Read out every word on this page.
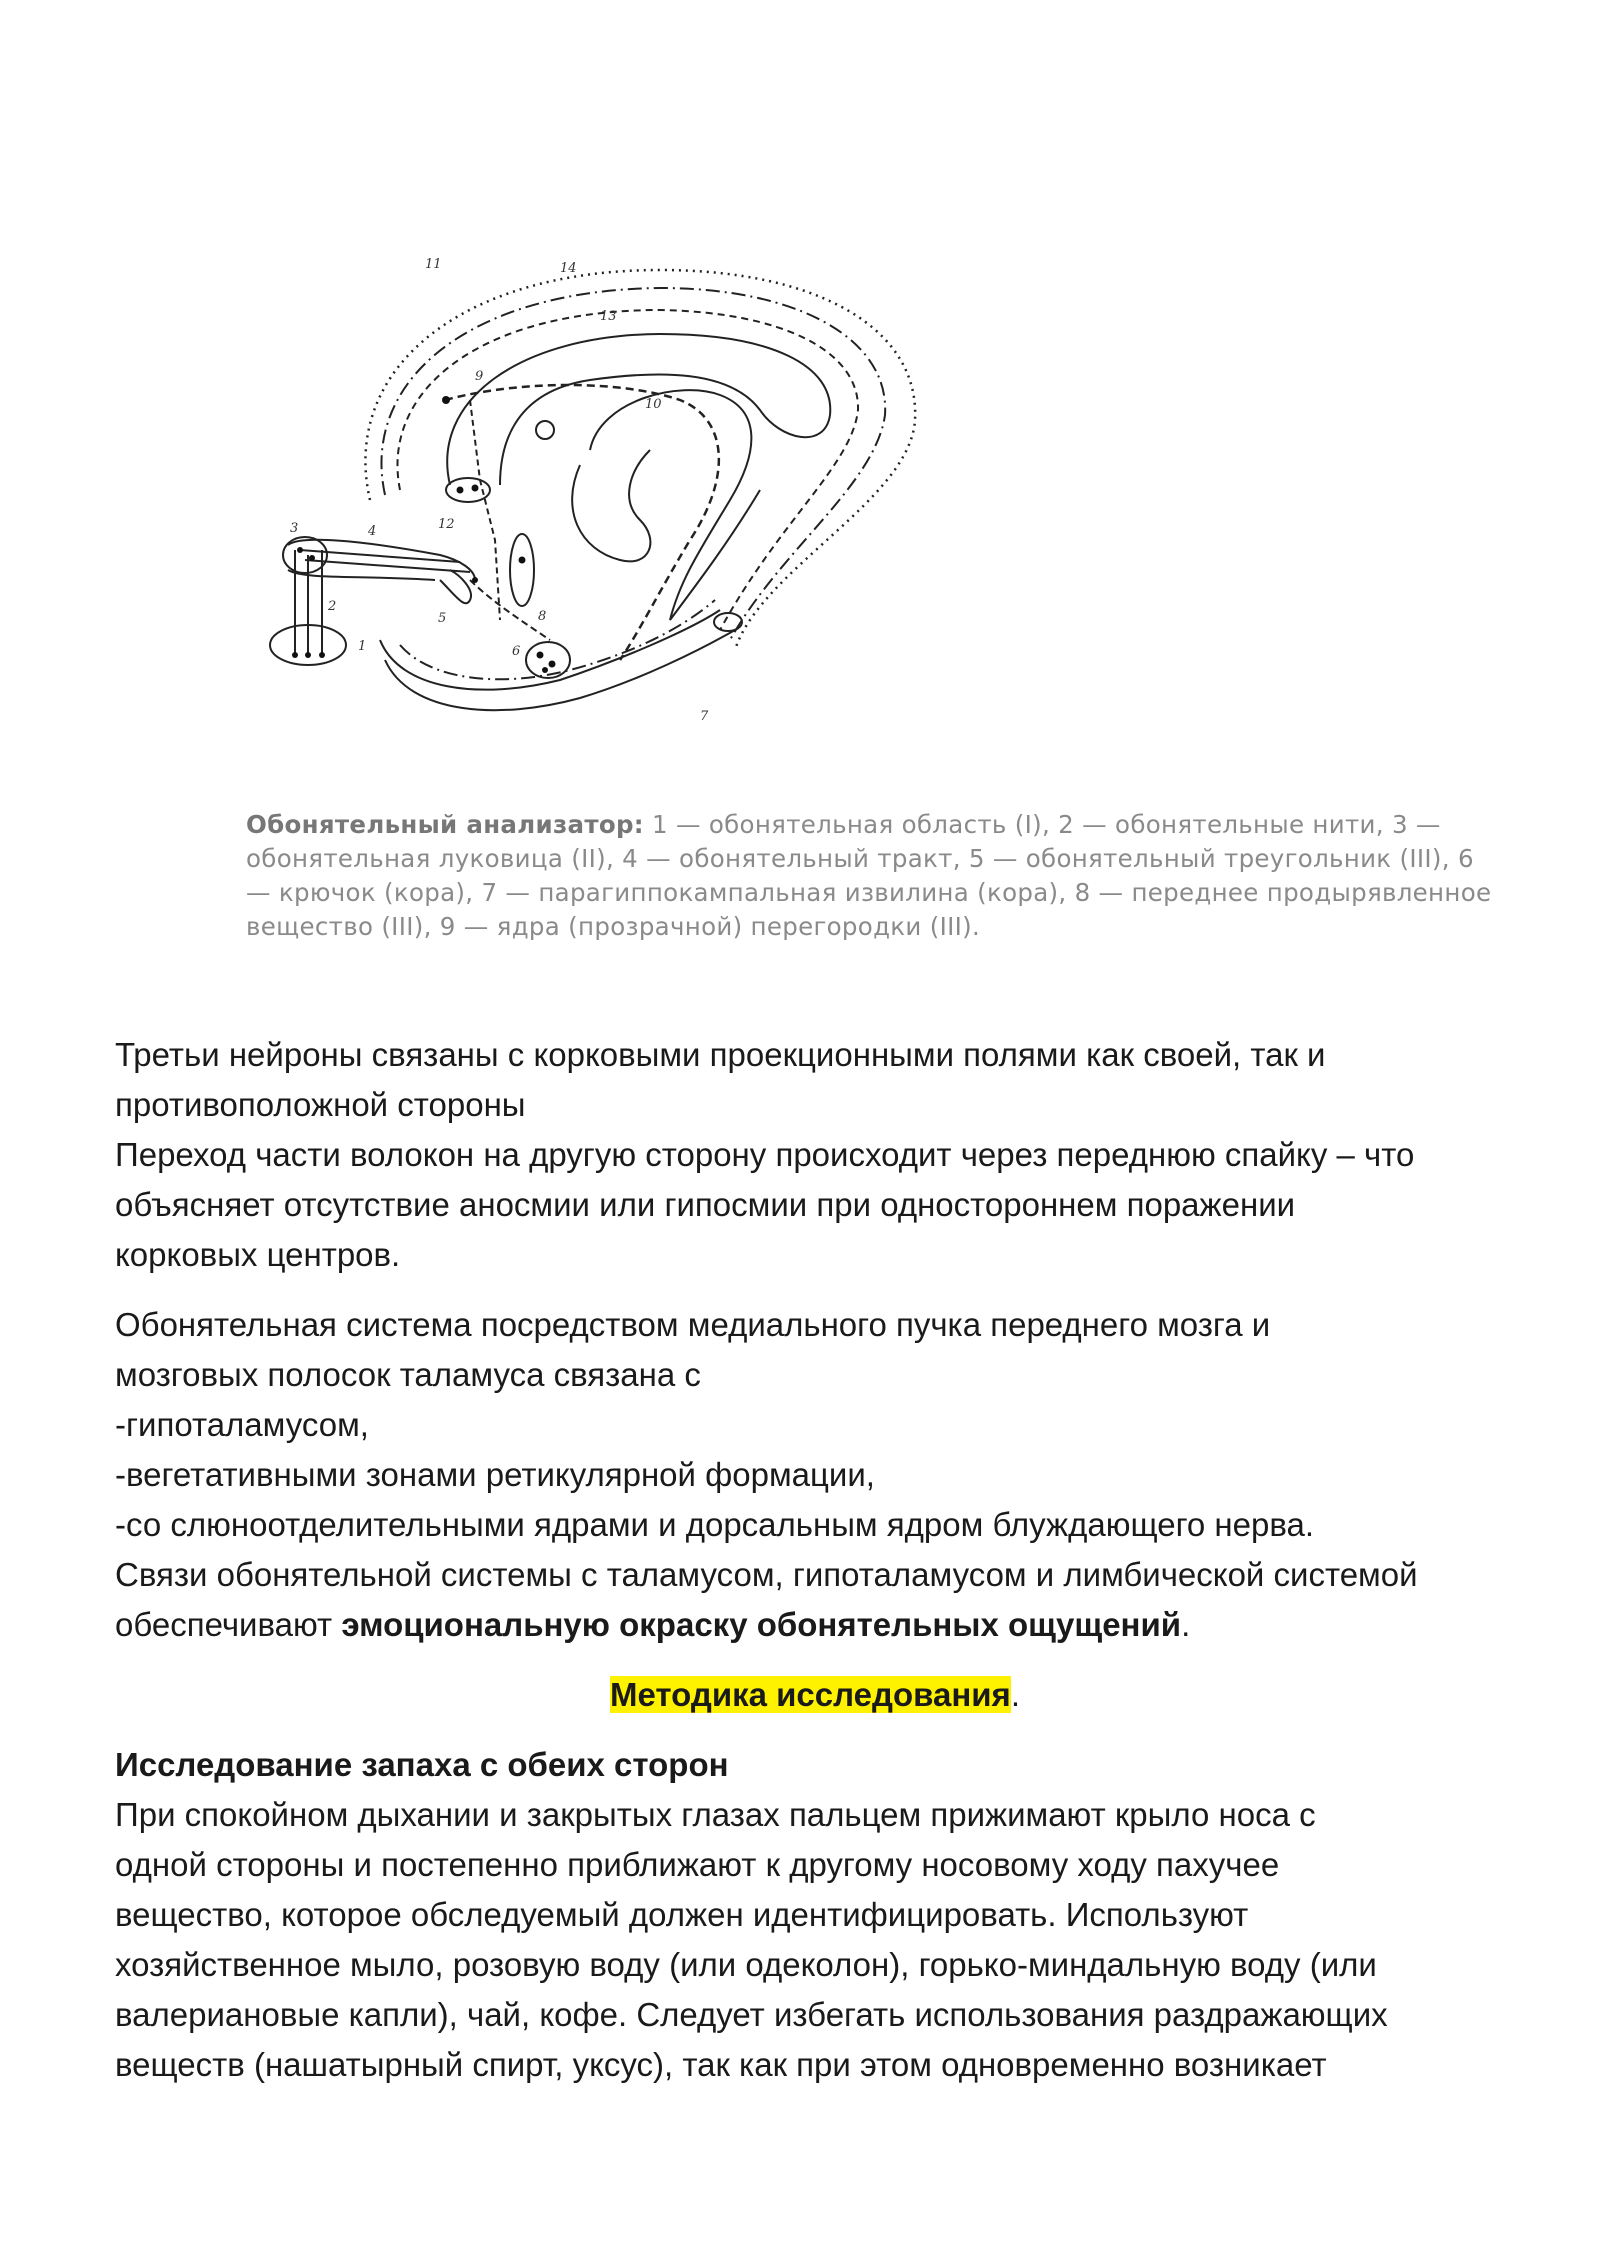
1
2
3	4
5
6
7
8
9
10
11
12
13
14
Обонятельный анализатор: 1 — обонятельная область (I), 2 — обонятельные нити, 3 — обонятельная луковица (II), 4 — обонятельный тракт, 5 — обонятельный треугольник (III), 6 — крючок (кора), 7 — парагиппокампальная извилина (кора), 8 — переднее продырявленное вещество (III), 9 — ядра (прозрачной) перегородки (III).

Третьи нейроны связаны с корковыми проекционными полями как своей, так и

противоположной стороны

Переход части волокон на другую сторону происходит через переднюю спайку – что

объясняет отсутствие аносмии или гипосмии при одностороннем поражении

корковых центров.

Обонятельная система посредством медиального пучка переднего мозга и

мозговых полосок таламуса связана с

-гипоталамусом,

-вегетативными зонами ретикулярной формации,

-со слюноотделительными ядрами и дорсальным ядром блуждающего нерва.

Связи обонятельной системы с таламусом, гипоталамусом и лимбической системой

обеспечивают эмоциональную окраску обонятельных ощущений.

Методика исследования.

Исследование запаха с обеих сторон

При спокойном дыхании и закрытых глазах пальцем прижимают крыло носа с

одной стороны и постепенно приближают к другому носовому ходу пахучее

вещество, которое обследуемый должен идентифицировать. Используют

хозяйственное мыло, розовую воду (или одеколон), горько-миндальную воду (или

валериановые капли), чай, кофе. Следует избегать использования раздражающих

веществ (нашатырный спирт, уксус), так как при этом одновременно возникает
